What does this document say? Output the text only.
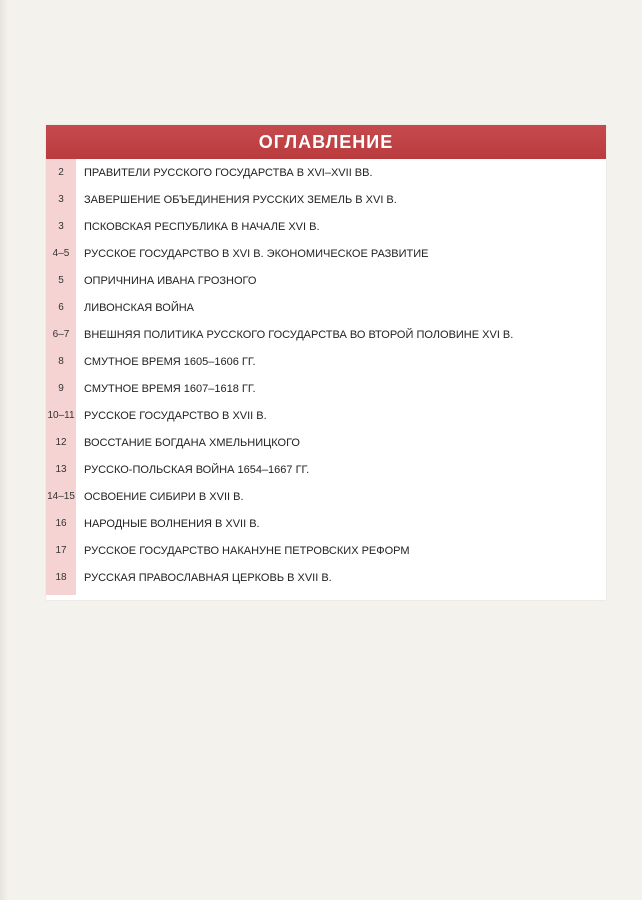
ОГЛАВЛЕНИЕ
2	ПРАВИТЕЛИ РУССКОГО ГОСУДАРСТВА В XVI–XVII ВВ.
3	ЗАВЕРШЕНИЕ ОБЪЕДИНЕНИЯ РУССКИХ ЗЕМЕЛЬ В XVI В.
3	ПСКОВСКАЯ РЕСПУБЛИКА В НАЧАЛЕ XVI В.
4–5	РУССКОЕ ГОСУДАРСТВО В XVI В. ЭКОНОМИЧЕСКОЕ РАЗВИТИЕ
5	ОПРИЧНИНА ИВАНА ГРОЗНОГО
6	ЛИВОНСКАЯ ВОЙНА
6–7	ВНЕШНЯЯ ПОЛИТИКА РУССКОГО ГОСУДАРСТВА ВО ВТОРОЙ ПОЛОВИНЕ XVI В.
8	СМУТНОЕ ВРЕМЯ 1605–1606 ГГ.
9	СМУТНОЕ ВРЕМЯ 1607–1618 ГГ.
10–11 РУССКОЕ ГОСУДАРСТВО В XVII В.
12	ВОССТАНИЕ БОГДАНА ХМЕЛЬНИЦКОГО
13	РУССКО-ПОЛЬСКАЯ ВОЙНА 1654–1667 ГГ.
14–15 ОСВОЕНИЕ СИБИРИ В XVII В.
16	НАРОДНЫЕ ВОЛНЕНИЯ В XVII В.
17	РУССКОЕ ГОСУДАРСТВО НАКАНУНЕ ПЕТРОВСКИХ РЕФОРМ
18	РУССКАЯ ПРАВОСЛАВНАЯ ЦЕРКОВЬ В XVII В.
